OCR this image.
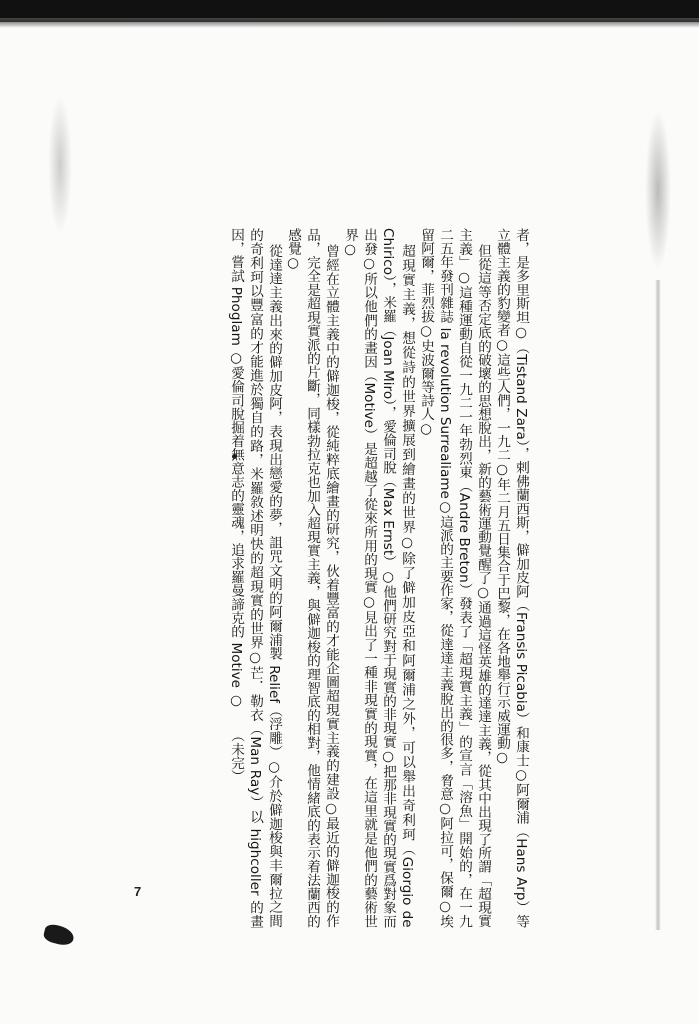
者，是多里斯坦○（Tistand Zara），剌佛蘭西斯，僻加皮阿（Fransis Picabia）和康士○阿爾浦（Hans Arp）等立體主義的豹變者○這些人們，一九二○年二月五日集合于巴黎，在各地舉行示威運動○

但從這等否定底的破壞的思想脫出，新的藝術運動覺醒了○通過這怪英雄的達達主義，從其中出現了所謂「超現實主義」○這種運動自從一九二一年勃烈東（Andre Breton）發表了「超現實主義」的宣言「溶魚」開始的，在一九二五年發刊雜誌 la revolution Surrealiame○這派的主要作家，從達達主義脫出的很多，脅意○阿拉可，保爾○埃留阿爾，菲烈拔○史波爾等詩人○

超現實主義，想從詩的世界擴展到繪畫的世界○除了僻加皮亞和阿爾浦之外，可以舉出奇利珂（Giorgio de Chirico），米羅（Joan Miro），愛倫司脫（Max Ernst）○他們研究對于現實的非現實○把那非現實的現實爲對象而出發○所以他們的畫因（Motive）是超越了從來所用的現實○見出了一種非現實的現實，在這里就是他們的藝術世界○

曾經在立體主義中的僻迦梭，從純粹底繪畫的研究，伙着豐富的才能企圖超現實主義的建設○最近的僻迦梭的作品，完全是超現實派的片斷，同樣勃拉克也加入超現實主義，與僻迦梭的理智底的相對，他情緒底的表示着法蘭西的感覺○

從達達主義出來的僻加皮阿，表現出戀愛的夢，詛咒文明的阿爾浦製 Relief（浮雕）○介於僻迦梭與丰爾拉之間的奇利珂以豐富的才能進於獨自的路，米羅敘述明快的超現實的世界○芒．勒衣（Man Ray）以 highcoller 的畫因，嘗試 Phoglam ○愛倫司脫掘着無意志的靈魂，追求羅曼諦克的 Motive ○　　（未完）

7
